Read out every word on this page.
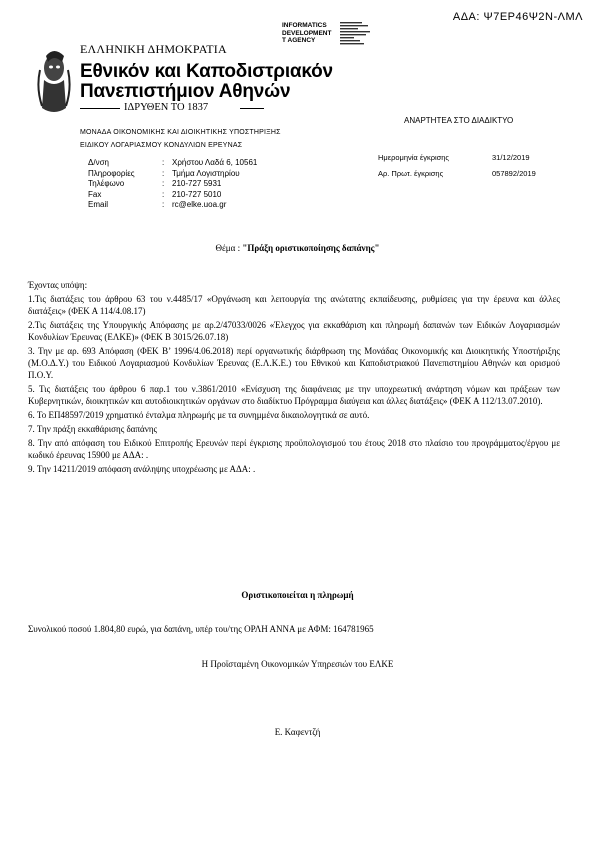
ΑΔΑ: Ψ7ΕΡ46Ψ2Ν-ΛΜΛ
INFORMATICS
DEVELOPMENT
T AGENCY
ΕΛΛΗΝΙΚΗ ΔΗΜΟΚΡΑΤΙΑ
Εθνικόν και Καποδιστριακόν
Πανεπιστήμιον Αθηνών
ΙΔΡΥΘΕΝ ΤΟ 1837
ΜΟΝΑΔΑ ΟΙΚΟΝΟΜΙΚΗΣ ΚΑΙ ΔΙΟΙΚΗΤΙΚΗΣ ΥΠΟΣΤΗΡΙΞΗΣ
ΕΙΔΙΚΟΥ ΛΟΓΑΡΙΑΣΜΟΥ ΚΟΝΔΥΛΙΩΝ ΕΡΕΥΝΑΣ
ΑΝΑΡΤΗΤΕΑ ΣΤΟ ΔΙΑΔΙΚΤΥΟ
Δ/νση	: Χρήστου Λαδά 6, 10561
Πληροφορίες	: Τμήμα Λογιστηρίου
Τηλέφωνο	: 210-727 5931
Fax	: 210-727 5010
Email	: rc@elke.uoa.gr
Ημερομηνία έγκρισης	31/12/2019
Αρ. Πρωτ. έγκρισης	057892/2019
Θέμα : "Πράξη οριστικοποίησης δαπάνης"

Έχοντας υπόψη:

1.Τις διατάξεις του άρθρου 63 του ν.4485/17 «Οργάνωση και λειτουργία της ανώτατης εκπαίδευσης, ρυθμίσεις για την έρευνα και άλλες διατάξεις» (ΦΕΚ Α 114/4.08.17)

2.Τις διατάξεις της Υπουργικής Απόφασης με αρ.2/47033/0026 «Έλεγχος για εκκαθάριση και πληρωμή δαπανών των Ειδικών Λογαριασμών Κονδυλίων Έρευνας (ΕΛΚΕ)» (ΦΕΚ Β 3015/26.07.18)

3. Την με αρ. 693 Απόφαση (ΦΕΚ Β’ 1996/4.06.2018) περί οργανωτικής διάρθρωση της Μονάδας Οικονομικής και Διοικητικής Υποστήριξης (Μ.Ο.Δ.Υ.) του Ειδικού Λογαριασμού Κονδυλίων Έρευνας (Ε.Λ.Κ.Ε.) του Εθνικού και Καποδιστριακού Πανεπιστημίου Αθηνών και ορισμού Π.Ο.Υ.

5. Τις διατάξεις του άρθρου 6 παρ.1 του ν.3861/2010 «Ενίσχυση της διαφάνειας με την υποχρεωτική ανάρτηση νόμων και πράξεων των Κυβερνητικών, διοικητικών και αυτοδιοικητικών οργάνων στο διαδίκτυο Πρόγραμμα διαύγεια και άλλες διατάξεις» (ΦΕΚ Α 112/13.07.2010).

6. Το ΕΠ48597/2019 χρηματικό ένταλμα πληρωμής με τα συνημμένα δικαιολογητικά σε αυτό.

7. Την πράξη εκκαθάρισης δαπάνης

8. Την από απόφαση του Ειδικού Επιτροπής Ερευνών περί έγκρισης προϋπολογισμού του έτους 2018 στο πλαίσιο του προγράμματος/έργου με κωδικό έρευνας 15900 με ΑΔΑ: .

9. Την 14211/2019 απόφαση ανάληψης υποχρέωσης με ΑΔΑ: .

Οριστικοποιείται η πληρωμή
Συνολικού ποσού 1.804,80 ευρώ, για δαπάνη, υπέρ του/της ΟΡΛΗ ΑΝΝΑ με ΑΦΜ: 164781965
Η Προϊσταμένη Οικονομικών Υπηρεσιών του ΕΛΚΕ
Ε. Καφεντζή
